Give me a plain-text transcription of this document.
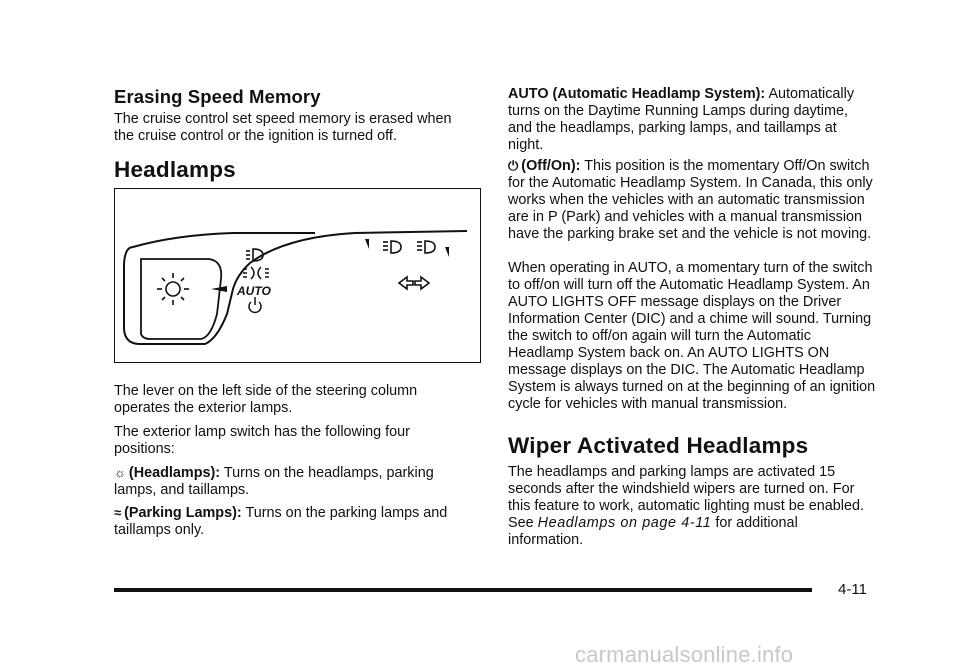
Erasing Speed Memory

The cruise control set speed memory is erased when the cruise control or the ignition is turned off.

Headlamps
AUTO

The lever on the left side of the steering column operates the exterior lamps.

The exterior lamp switch has the following four positions:

☼ (Headlamps): Turns on the headlamps, parking lamps, and taillamps.

≈ (Parking Lamps): Turns on the parking lamps and taillamps only.

AUTO (Automatic Headlamp System): Automatically turns on the Daytime Running Lamps during daytime, and the headlamps, parking lamps, and taillamps at night.

⏻ (Off/On): This position is the momentary Off/On switch for the Automatic Headlamp System. In Canada, this only works when the vehicles with an automatic transmission are in P (Park) and vehicles with a manual transmission have the parking brake set and the vehicle is not moving.

When operating in AUTO, a momentary turn of the switch to off/on will turn off the Automatic Headlamp System. An AUTO LIGHTS OFF message displays on the Driver Information Center (DIC) and a chime will sound. Turning the switch to off/on again will turn the Automatic Headlamp System back on. An AUTO LIGHTS ON message displays on the DIC. The Automatic Headlamp System is always turned on at the beginning of an ignition cycle for vehicles with manual transmission.

Wiper Activated Headlamps

The headlamps and parking lamps are activated 15 seconds after the windshield wipers are turned on. For this feature to work, automatic lighting must be enabled. See Headlamps on page 4-11 for additional information.

4-11
carmanualsonline.info
